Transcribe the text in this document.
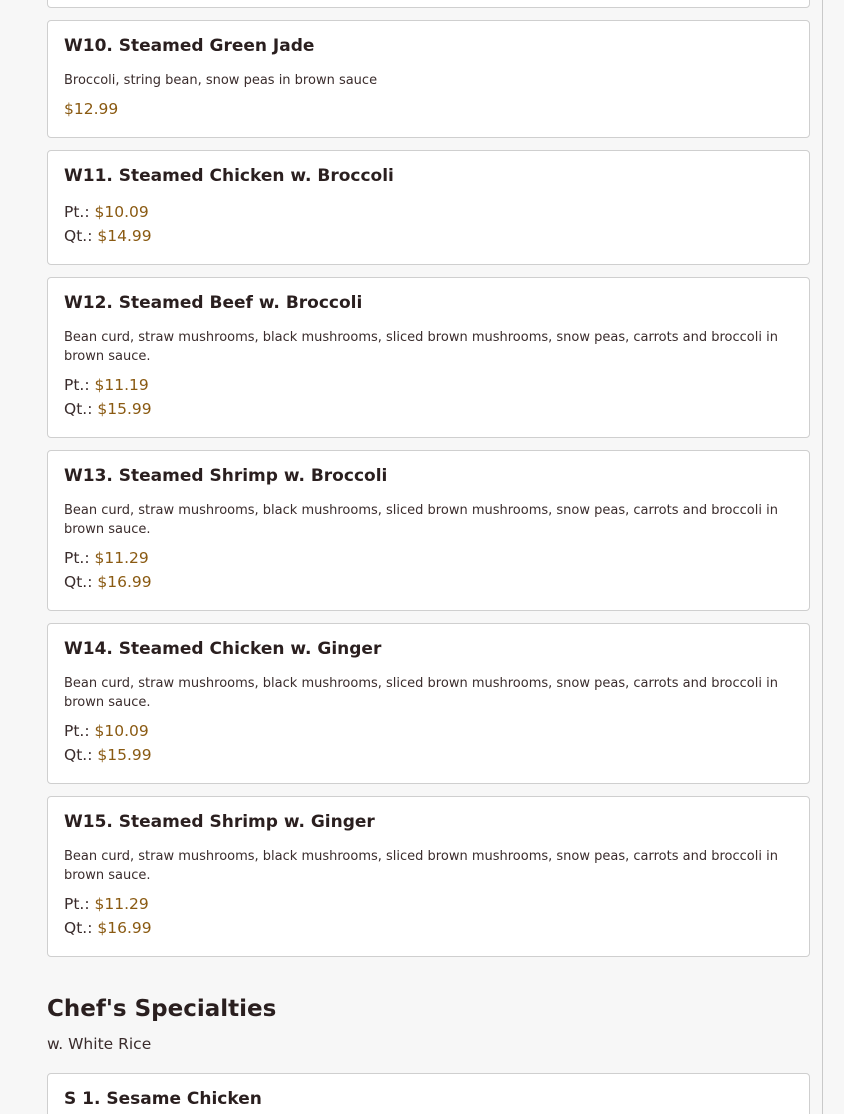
W10. Steamed Green Jade
Broccoli, string bean, snow peas in brown sauce
$12.99
W11. Steamed Chicken w. Broccoli
Pt.: $10.09
Qt.: $14.99
W12. Steamed Beef w. Broccoli
Bean curd, straw mushrooms, black mushrooms, sliced brown mushrooms, snow peas, carrots and broccoli in brown sauce.
Pt.: $11.19
Qt.: $15.99
W13. Steamed Shrimp w. Broccoli
Bean curd, straw mushrooms, black mushrooms, sliced brown mushrooms, snow peas, carrots and broccoli in brown sauce.
Pt.: $11.29
Qt.: $16.99
W14. Steamed Chicken w. Ginger
Bean curd, straw mushrooms, black mushrooms, sliced brown mushrooms, snow peas, carrots and broccoli in brown sauce.
Pt.: $10.09
Qt.: $15.99
W15. Steamed Shrimp w. Ginger
Bean curd, straw mushrooms, black mushrooms, sliced brown mushrooms, snow peas, carrots and broccoli in brown sauce.
Pt.: $11.29
Qt.: $16.99
Chef's Specialties
w. White Rice
S 1. Sesame Chicken
